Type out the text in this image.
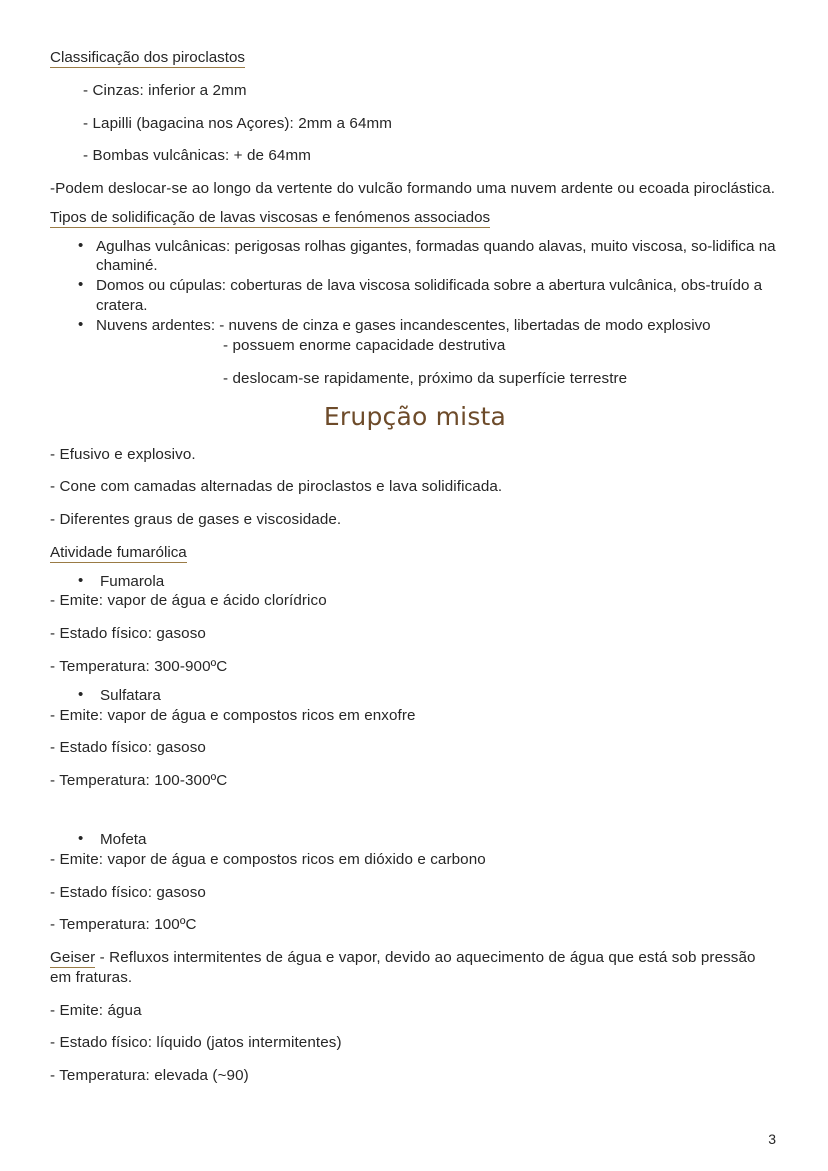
Classificação dos piroclastos
- Cinzas: inferior a 2mm
- Lapilli (bagacina nos Açores): 2mm a 64mm
- Bombas vulcânicas: + de 64mm
-Podem deslocar-se ao longo da vertente do vulcão formando uma nuvem ardente ou ecoada piroclástica.
Tipos de solidificação de lavas viscosas e fenómenos associados
• Agulhas vulcânicas: perigosas rolhas gigantes, formadas quando alavas, muito viscosa, so-lidifica na chaminé.
• Domos ou cúpulas: coberturas de lava viscosa solidificada sobre a abertura vulcânica, obs-truído a cratera.
• Nuvens ardentes: - nuvens de cinza e gases incandescentes, libertadas de modo explosivo
- possuem enorme capacidade destrutiva
- deslocam-se rapidamente, próximo da superfície terrestre
Erupção mista
- Efusivo e explosivo.
- Cone com camadas alternadas de piroclastos e lava solidificada.
- Diferentes graus de gases e viscosidade.
Atividade fumarólica
• Fumarola
- Emite: vapor de água e ácido clorídrico
- Estado físico: gasoso
- Temperatura: 300-900ºC
• Sulfatara
- Emite: vapor de água e compostos ricos em enxofre
- Estado físico: gasoso
- Temperatura: 100-300ºC
• Mofeta
- Emite: vapor de água e compostos ricos em dióxido e carbono
- Estado físico: gasoso
- Temperatura: 100ºC
Geiser - Refluxos intermitentes de água e vapor, devido ao aquecimento de água que está sob pressão em fraturas.
- Emite: água
- Estado físico: líquido (jatos intermitentes)
- Temperatura: elevada (~90)
3
